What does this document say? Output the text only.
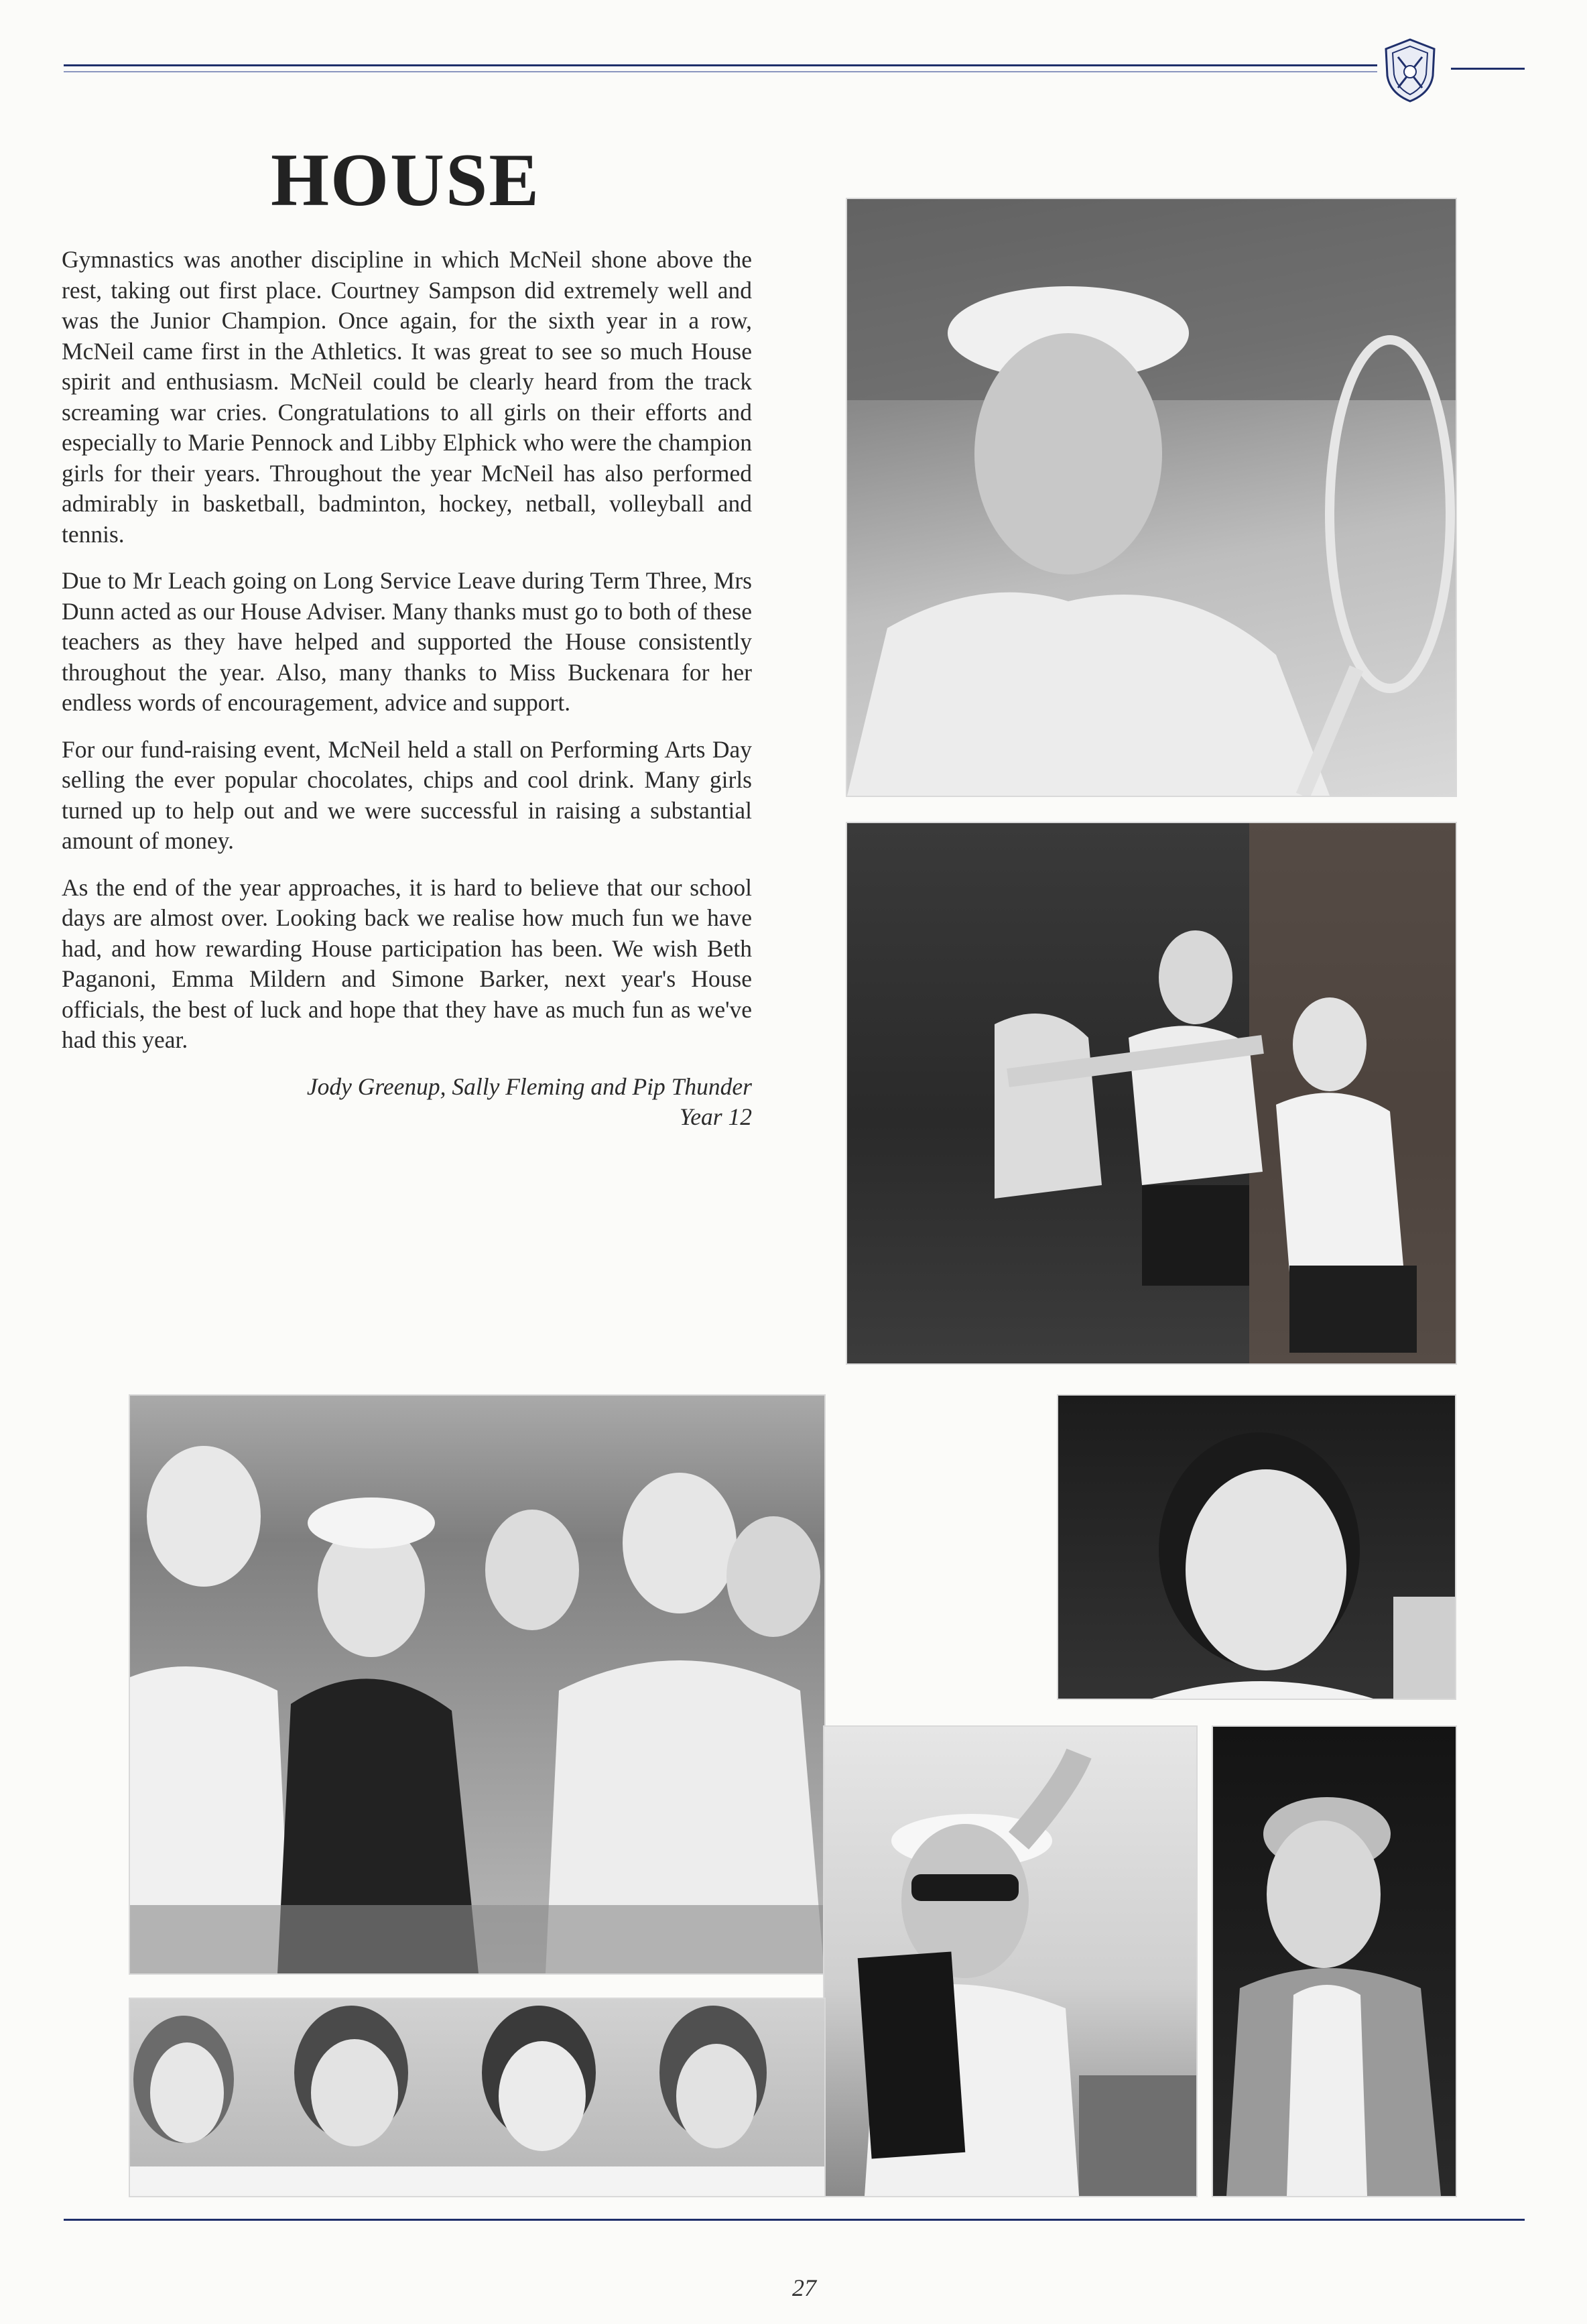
HOUSE

Gymnastics was another discipline in which McNeil shone above the rest, taking out first place. Courtney Sampson did extremely well and was the Junior Champion. Once again, for the sixth year in a row, McNeil came first in the Athletics. It was great to see so much House spirit and enthusiasm. McNeil could be clearly heard from the track screaming war cries. Congratulations to all girls on their efforts and especially to Marie Pennock and Libby Elphick who were the champion girls for their years. Throughout the year McNeil has also performed admirably in basketball, badminton, hockey, netball, volleyball and tennis.

Due to Mr Leach going on Long Service Leave during Term Three, Mrs Dunn acted as our House Adviser. Many thanks must go to both of these teachers as they have helped and supported the House consistently throughout the year. Also, many thanks to Miss Buckenara for her endless words of encouragement, advice and support.

For our fund-raising event, McNeil held a stall on Performing Arts Day selling the ever popular chocolates, chips and cool drink. Many girls turned up to help out and we were successful in raising a substantial amount of money.

As the end of the year approaches, it is hard to believe that our school days are almost over. Looking back we realise how much fun we have had, and how rewarding House participation has been. We wish Beth Paganoni, Emma Mildern and Simone Barker, next year's House officials, the best of luck and hope that they have as much fun as we've had this year.

Jody Greenup, Sally Fleming and Pip Thunder
Year 12
27
